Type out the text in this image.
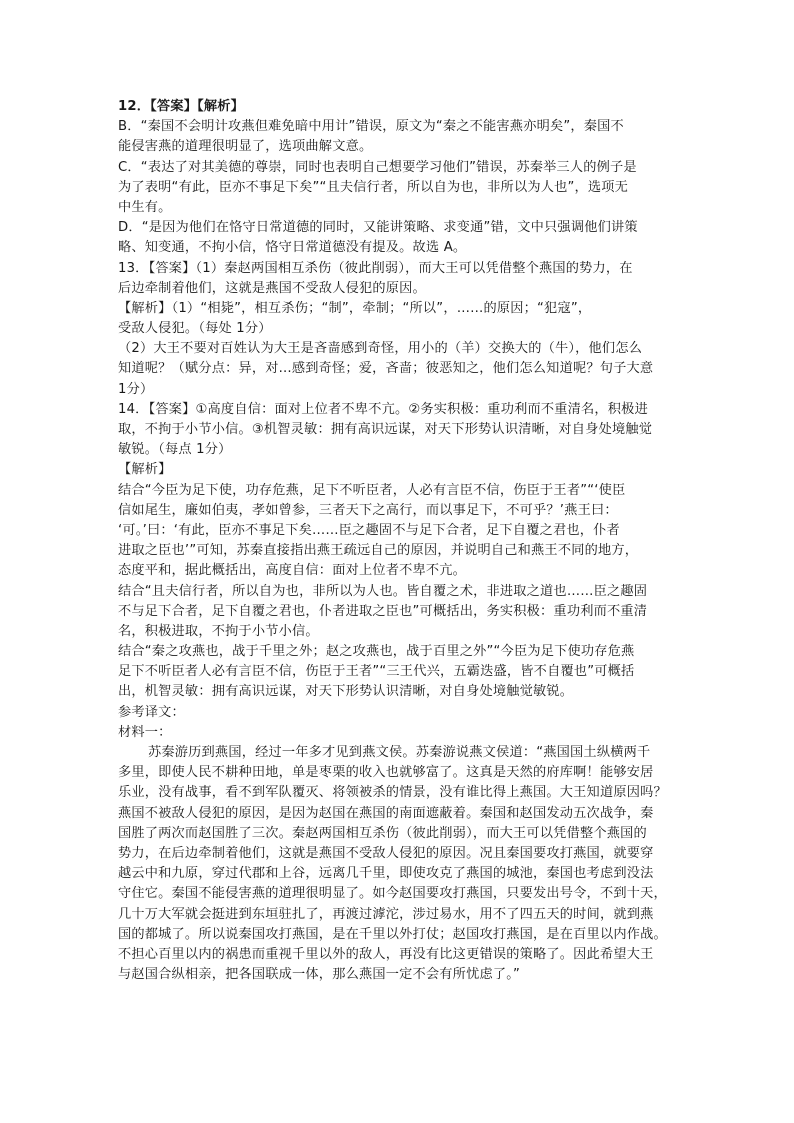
12．【答案】【解析】
B．“秦国不会明计攻燕但难免暗中用计”错误，原文为“秦之不能害燕亦明矣”，秦国不
能侵害燕的道理很明显了，选项曲解文意。
C．“表达了对其美德的尊崇，同时也表明自己想要学习他们”错误，苏秦举三人的例子是
为了表明“有此，臣亦不事足下矣”“且夫信行者，所以自为也，非所以为人也”，选项无
中生有。
D．“是因为他们在恪守日常道德的同时，又能讲策略、求变通”错，文中只强调他们讲策
略、知变通，不拘小信，恪守日常道德没有提及。故选 A。
13．【答案】（1）秦赵两国相互杀伤（彼此削弱），而大王可以凭借整个燕国的势力，在
后边牵制着他们，这就是燕国不受敌人侵犯的原因。
【解析】（1）“相毙”，相互杀伤；“制”，牵制；“所以”，……的原因；“犯寇”，
受敌人侵犯。（每处 1分）
（2）大王不要对百姓认为大王是吝啬感到奇怪，用小的（羊）交换大的（牛），他们怎么
知道呢？（赋分点：异，对...感到奇怪；爱，吝啬；彼恶知之，他们怎么知道呢？句子大意
1分）
14．【答案】①高度自信：面对上位者不卑不亢。②务实积极：重功利而不重清名，积极进
取，不拘于小节小信。③机智灵敏：拥有高识远谋，对天下形势认识清晰，对自身处境触觉
敏锐。（每点 1分）
【解析】
结合“今臣为足下使，功存危燕，足下不听臣者，人必有言臣不信，伤臣于王者”“‘使臣
信如尾生，廉如伯夷，孝如曾参，三者天下之高行，而以事足下，不可乎？’燕王曰：
‘可。’曰：‘有此，臣亦不事足下矣……臣之趣固不与足下合者，足下自覆之君也，仆者
进取之臣也’”可知，苏秦直接指出燕王疏远自己的原因，并说明自己和燕王不同的地方，
态度平和，据此概括出，高度自信：面对上位者不卑不亢。
结合“且夫信行者，所以自为也，非所以为人也。皆自覆之术，非进取之道也……臣之趣固
不与足下合者，足下自覆之君也，仆者进取之臣也”可概括出，务实积极：重功利而不重清
名，积极进取，不拘于小节小信。
结合“秦之攻燕也，战于千里之外；赵之攻燕也，战于百里之外”“今臣为足下使功存危燕
足下不听臣者人必有言臣不信，伤臣于王者”“三王代兴，五霸迭盛，皆不自覆也”可概括
出，机智灵敏：拥有高识远谋，对天下形势认识清晰，对自身处境触觉敏锐。
参考译文：
材料一：
苏秦游历到燕国，经过一年多才见到燕文侯。苏秦游说燕文侯道：“燕国国土纵横两千
多里，即使人民不耕种田地，单是枣栗的收入也就够富了。这真是天然的府库啊！能够安居
乐业，没有战事，看不到军队覆灭、将领被杀的情景，没有谁比得上燕国。大王知道原因吗？
燕国不被敌人侵犯的原因，是因为赵国在燕国的南面遮蔽着。秦国和赵国发动五次战争，秦
国胜了两次而赵国胜了三次。秦赵两国相互杀伤（彼此削弱），而大王可以凭借整个燕国的
势力，在后边牵制着他们，这就是燕国不受敌人侵犯的原因。况且秦国要攻打燕国，就要穿
越云中和九原，穿过代郡和上谷，远离几千里，即使攻克了燕国的城池，秦国也考虑到没法
守住它。秦国不能侵害燕的道理很明显了。如今赵国要攻打燕国，只要发出号令，不到十天，
几十万大军就会挺进到东垣驻扎了，再渡过滹沱，涉过易水，用不了四五天的时间，就到燕
国的都城了。所以说秦国攻打燕国，是在千里以外打仗；赵国攻打燕国，是在百里以内作战。
不担心百里以内的祸患而重视千里以外的敌人，再没有比这更错误的策略了。因此希望大王
与赵国合纵相亲，把各国联成一体，那么燕国一定不会有所忧虑了。”
